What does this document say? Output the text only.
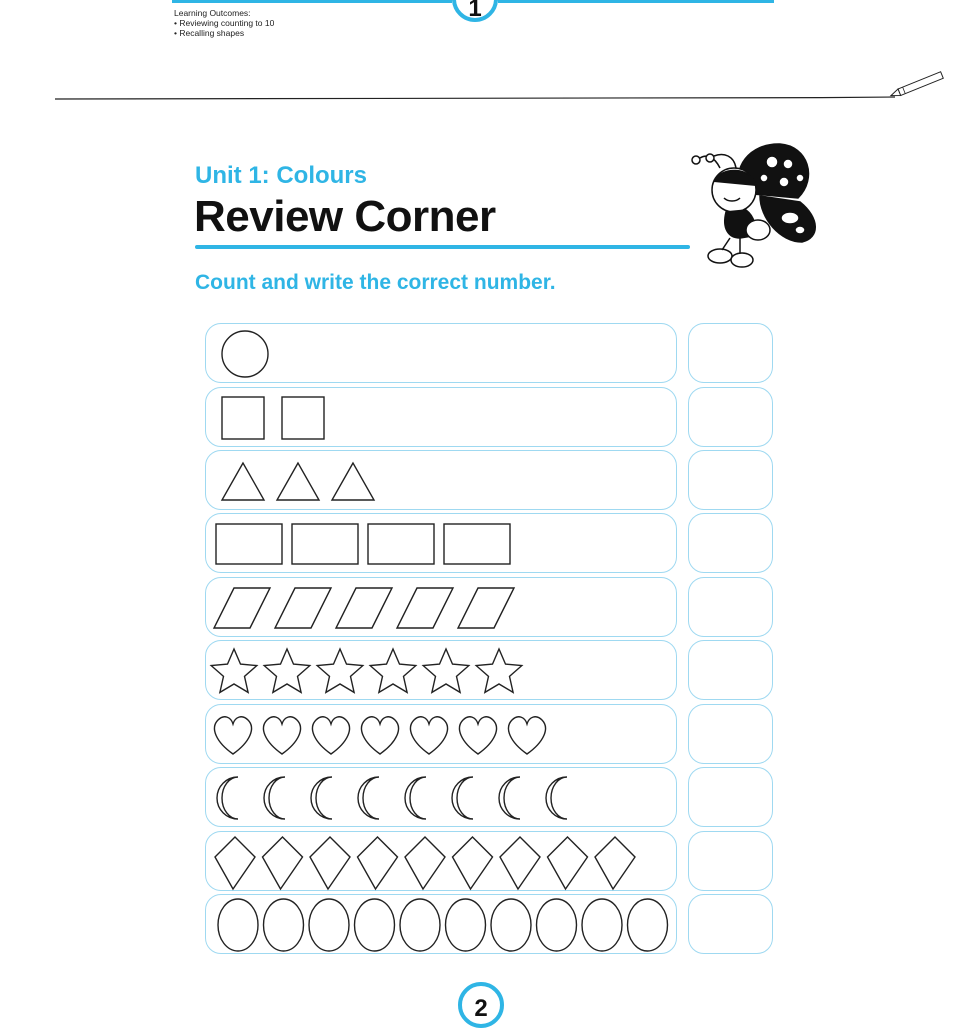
1
Learning Outcomes:
• Reviewing counting to 10
• Recalling shapes
Unit 1: Colours
Review Corner
Count and write the correct number.
2
